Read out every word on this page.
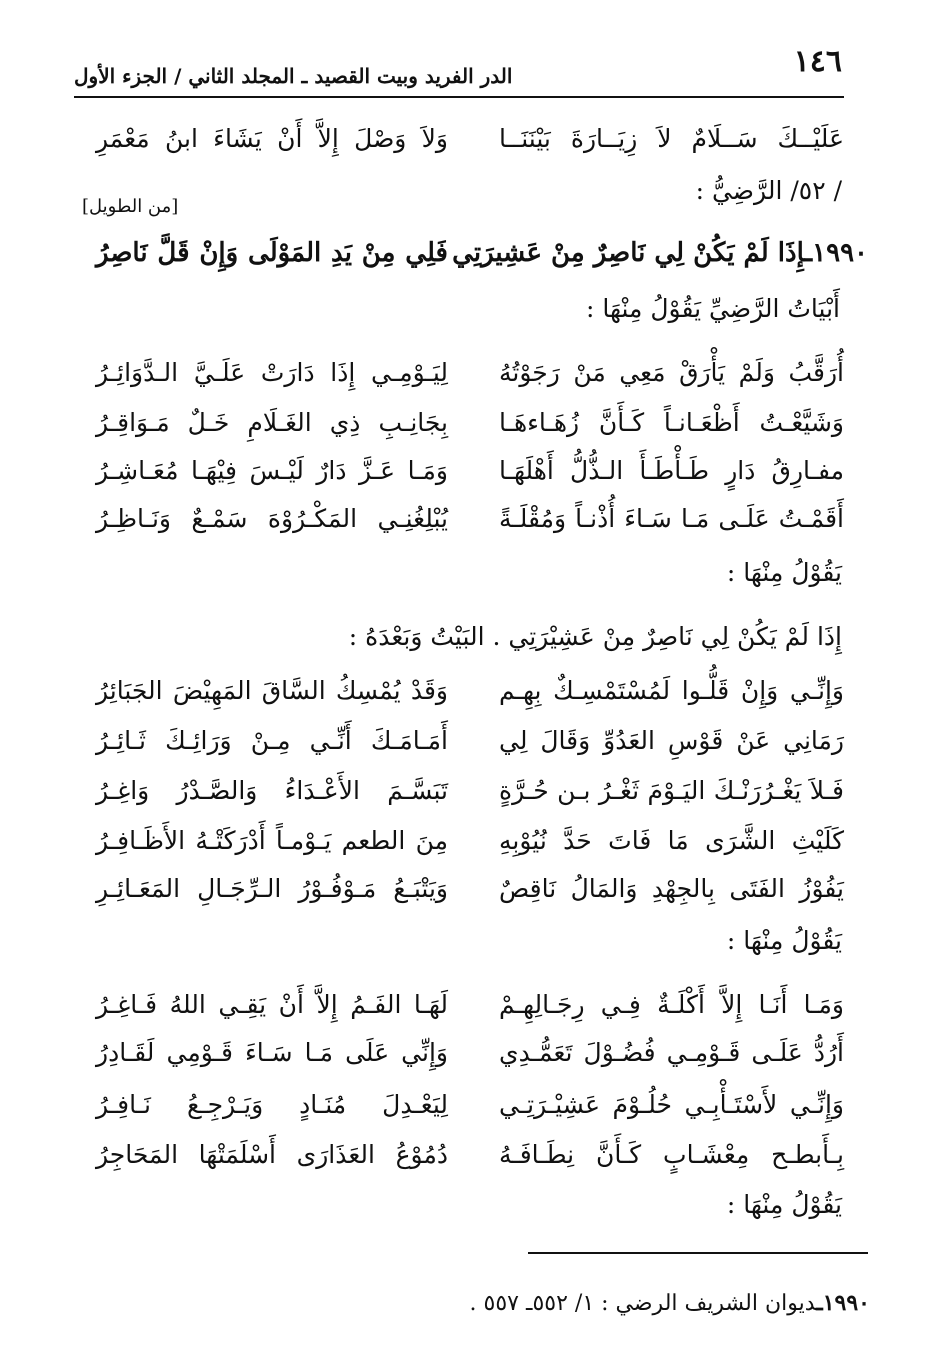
١٤٦
الدر الفريد وبيت القصيد ـ المجلد الثاني / الجزء الأول
عَلَيْــكَ سَــلَامٌ لاَ زِيَــارَةَ بَيْنَنَــا
وَلاَ وَصْلَ إِلاَّ أَنْ يَشَاءَ ابنُ مَعْمَرِ
/ ٥٢/ الرَّضِيُّ :
[من الطويل]
١٩٩٠ـإِذَا لَمْ يَكُنْ لِي نَاصِرٌ مِنْ عَشِيرَتِي
فَلِي مِنْ يَدِ المَوْلَى وَإِنْ قَلَّ نَاصِرُ
أَبْيَاتُ الرَّضِيِّ يَقُوْلُ مِنْهَا :
أُرَقَّبُ وَلَمْ يَأْرَقْ مَعِي مَنْ رَجَوْتُهُ
لِيَـوْمِـي إِذَا دَارَتْ عَلَـيَّ الـدَّوَائِـرُ
وَشَيَّعْـتُ أَظْعَـانـاً كَـأَنَّ زُهَـاءهَـا
بِجَانِـبِ ذِي الغَـلَامِ خَـلٌ مَـوَاقِـرُ
مفـارِقُ دَارٍ طَـأْطَـأَ الـذُّلُّ أَهْلَهَـا
وَمَـا عَـزَّ دَارٌ لَيْـسَ فِيْهَـا مُعَـاشِـرُ
أَقَمْـتُ عَلَـى مَـا سَـاءَ أُذْنـاً وَمُقْلَـةً
يُبْلِغُنِـي المَكْـرُوْهَ سَمْـعٌ وَنَـاظِـرُ
يَقُوْلُ مِنْهَا :
إِذَا لَمْ يَكُنْ لِي نَاصِرٌ مِنْ عَشِيْرَتِي . البَيْتُ وَبَعْدَهُ :
وَإِنِّـي وَإِنْ قَلُّـوا لَمُسْتَمْسِـكٌ بِهِـم
وَقَدْ يُمْسِكُ السَّاقَ المَهِيْضَ الجَبَائِرُ
رَمَانِي عَنْ قَوْسِ العَدُوِّ وَقَالَ لِي
أَمَـامَـكَ أَنِّـي مِـنْ وَرَائِـكَ ثَـائِـرُ
فَـلاَ يَغْـرُرَنْـكَ اليَـوْمَ ثَغْـرُ بـن حُـرَّةٍ
تَبَسَّـمَ الأَعْـدَاءُ وَالصَّـدْرُ وَاغِـرُ
كَلَيْثِ الشَّرَى مَا فَاتَ حَدَّ نُيُوْبِهِ
مِنَ الطعم يَـوْمـاً أَدْرَكَتْـهُ الأَظَـافِـرُ
يَفُوْزُ الفَتَى بِالجِهْدِ وَالمَالُ نَاقِصٌ
وَيَتْبَـعُ مَـوْفُـوْرُ الـرِّجَـالِ المَعَـائِـرِ
يَقُوْلُ مِنْهَا :
وَمَـا أَنَـا إِلاَّ أَكْلَـةٌ فِـي رِجَـالِهِـمْ
لَهَـا الفَـمُ إِلاَّ أَنْ يَقِـي اللهُ فَـاغِـرُ
أَرُدُّ عَلَـى قَـوْمِـي فُضُـوْلَ تَعَمُّـدِي
وَإِنِّي عَلَى مَـا سَـاءَ قَـوْمِي لَقَـادِرُ
وَإِنِّـي لأَسْتَـأْبِـي حُلُـوْمَ عَشِيْـرَتِـي
لِيَعْـدِلَ مُنَـادٍ وَيَـرْجِـعُ نَـافِـرُ
بِـأَبطـح مِعْشَـابٍ كَـأَنَّ نِطَـافَـهُ
دُمُوْعُ العَذَارَى أَسْلَمَتْهَا المَحَاجِرُ
يَقُوْلُ مِنْهَا :
١٩٩٠ـديوان الشريف الرضي : ١/ ٥٥٢ـ ٥٥٧ .
